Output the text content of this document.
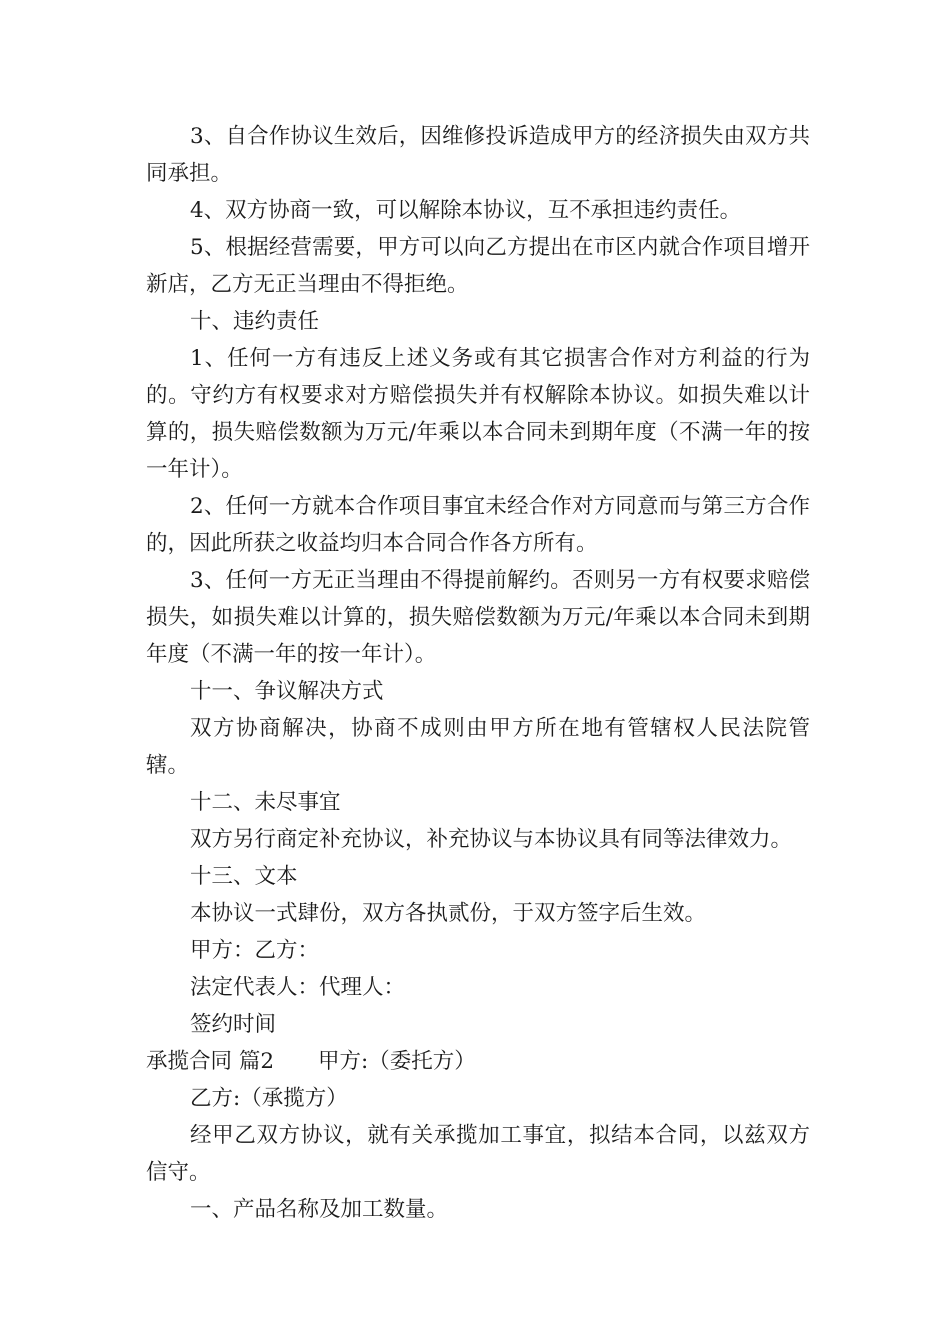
3、自合作协议生效后，因维修投诉造成甲方的经济损失由双方共同承担。

4、双方协商一致，可以解除本协议，互不承担违约责任。

5、根据经营需要，甲方可以向乙方提出在市区内就合作项目增开新店，乙方无正当理由不得拒绝。

十、违约责任

1、任何一方有违反上述义务或有其它损害合作对方利益的行为的。守约方有权要求对方赔偿损失并有权解除本协议。如损失难以计算的，损失赔偿数额为万元/年乘以本合同未到期年度（不满一年的按一年计）。

2、任何一方就本合作项目事宜未经合作对方同意而与第三方合作的，因此所获之收益均归本合同合作各方所有。

3、任何一方无正当理由不得提前解约。否则另一方有权要求赔偿损失，如损失难以计算的，损失赔偿数额为万元/年乘以本合同未到期年度（不满一年的按一年计）。

十一、争议解决方式

双方协商解决，协商不成则由甲方所在地有管辖权人民法院管辖。

十二、未尽事宜

双方另行商定补充协议，补充协议与本协议具有同等法律效力。

十三、文本

本协议一式肆份，双方各执贰份，于双方签字后生效。

甲方：乙方：

法定代表人：代理人：

签约时间

承揽合同 篇2 甲方:（委托方）

乙方:（承揽方）

经甲乙双方协议，就有关承揽加工事宜，拟结本合同，以兹双方信守。

一、产品名称及加工数量。
